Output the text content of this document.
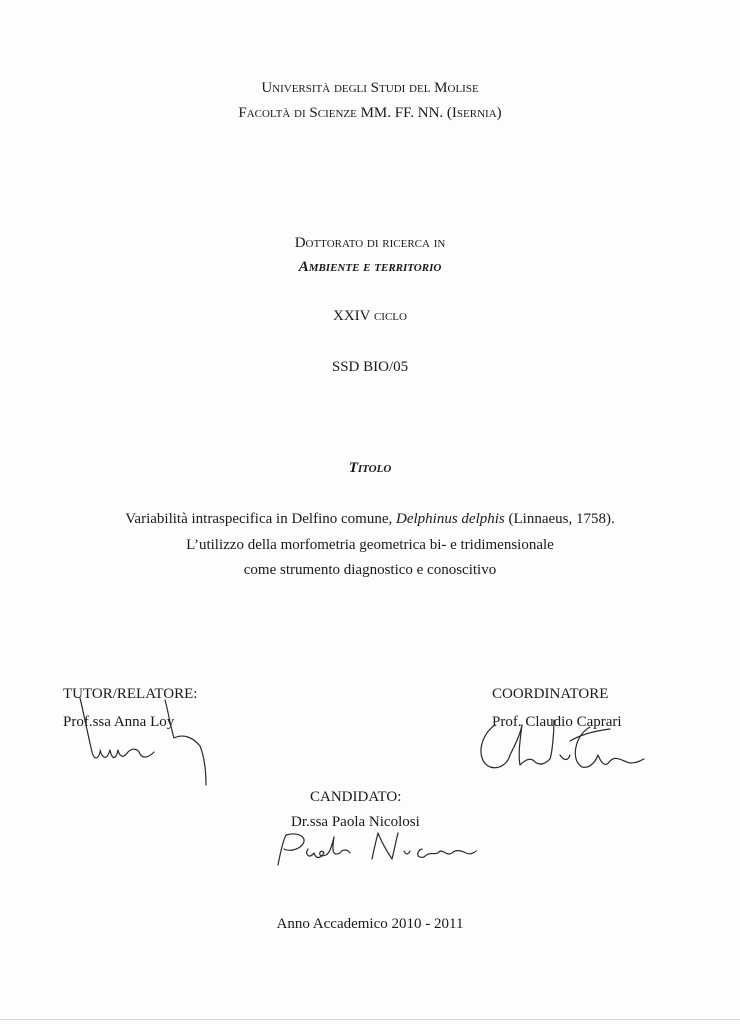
Università degli Studi del Molise
Facoltà di Scienze MM. FF. NN. (Isernia)
Dottorato di ricerca in
Ambiente e territorio
XXIV ciclo
SSD BIO/05
Titolo
Variabilità intraspecifica in Delfino comune, Delphinus delphis (Linnaeus, 1758).
L’utilizzo della morfometria geometrica bi- e tridimensionale
come strumento diagnostico e conoscitivo
TUTOR/RELATORE:
Prof.ssa Anna Loy
COORDINATORE
Prof. Claudio Caprari
CANDIDATO:
Dr.ssa Paola Nicolosi
Anno Accademico 2010 - 2011
